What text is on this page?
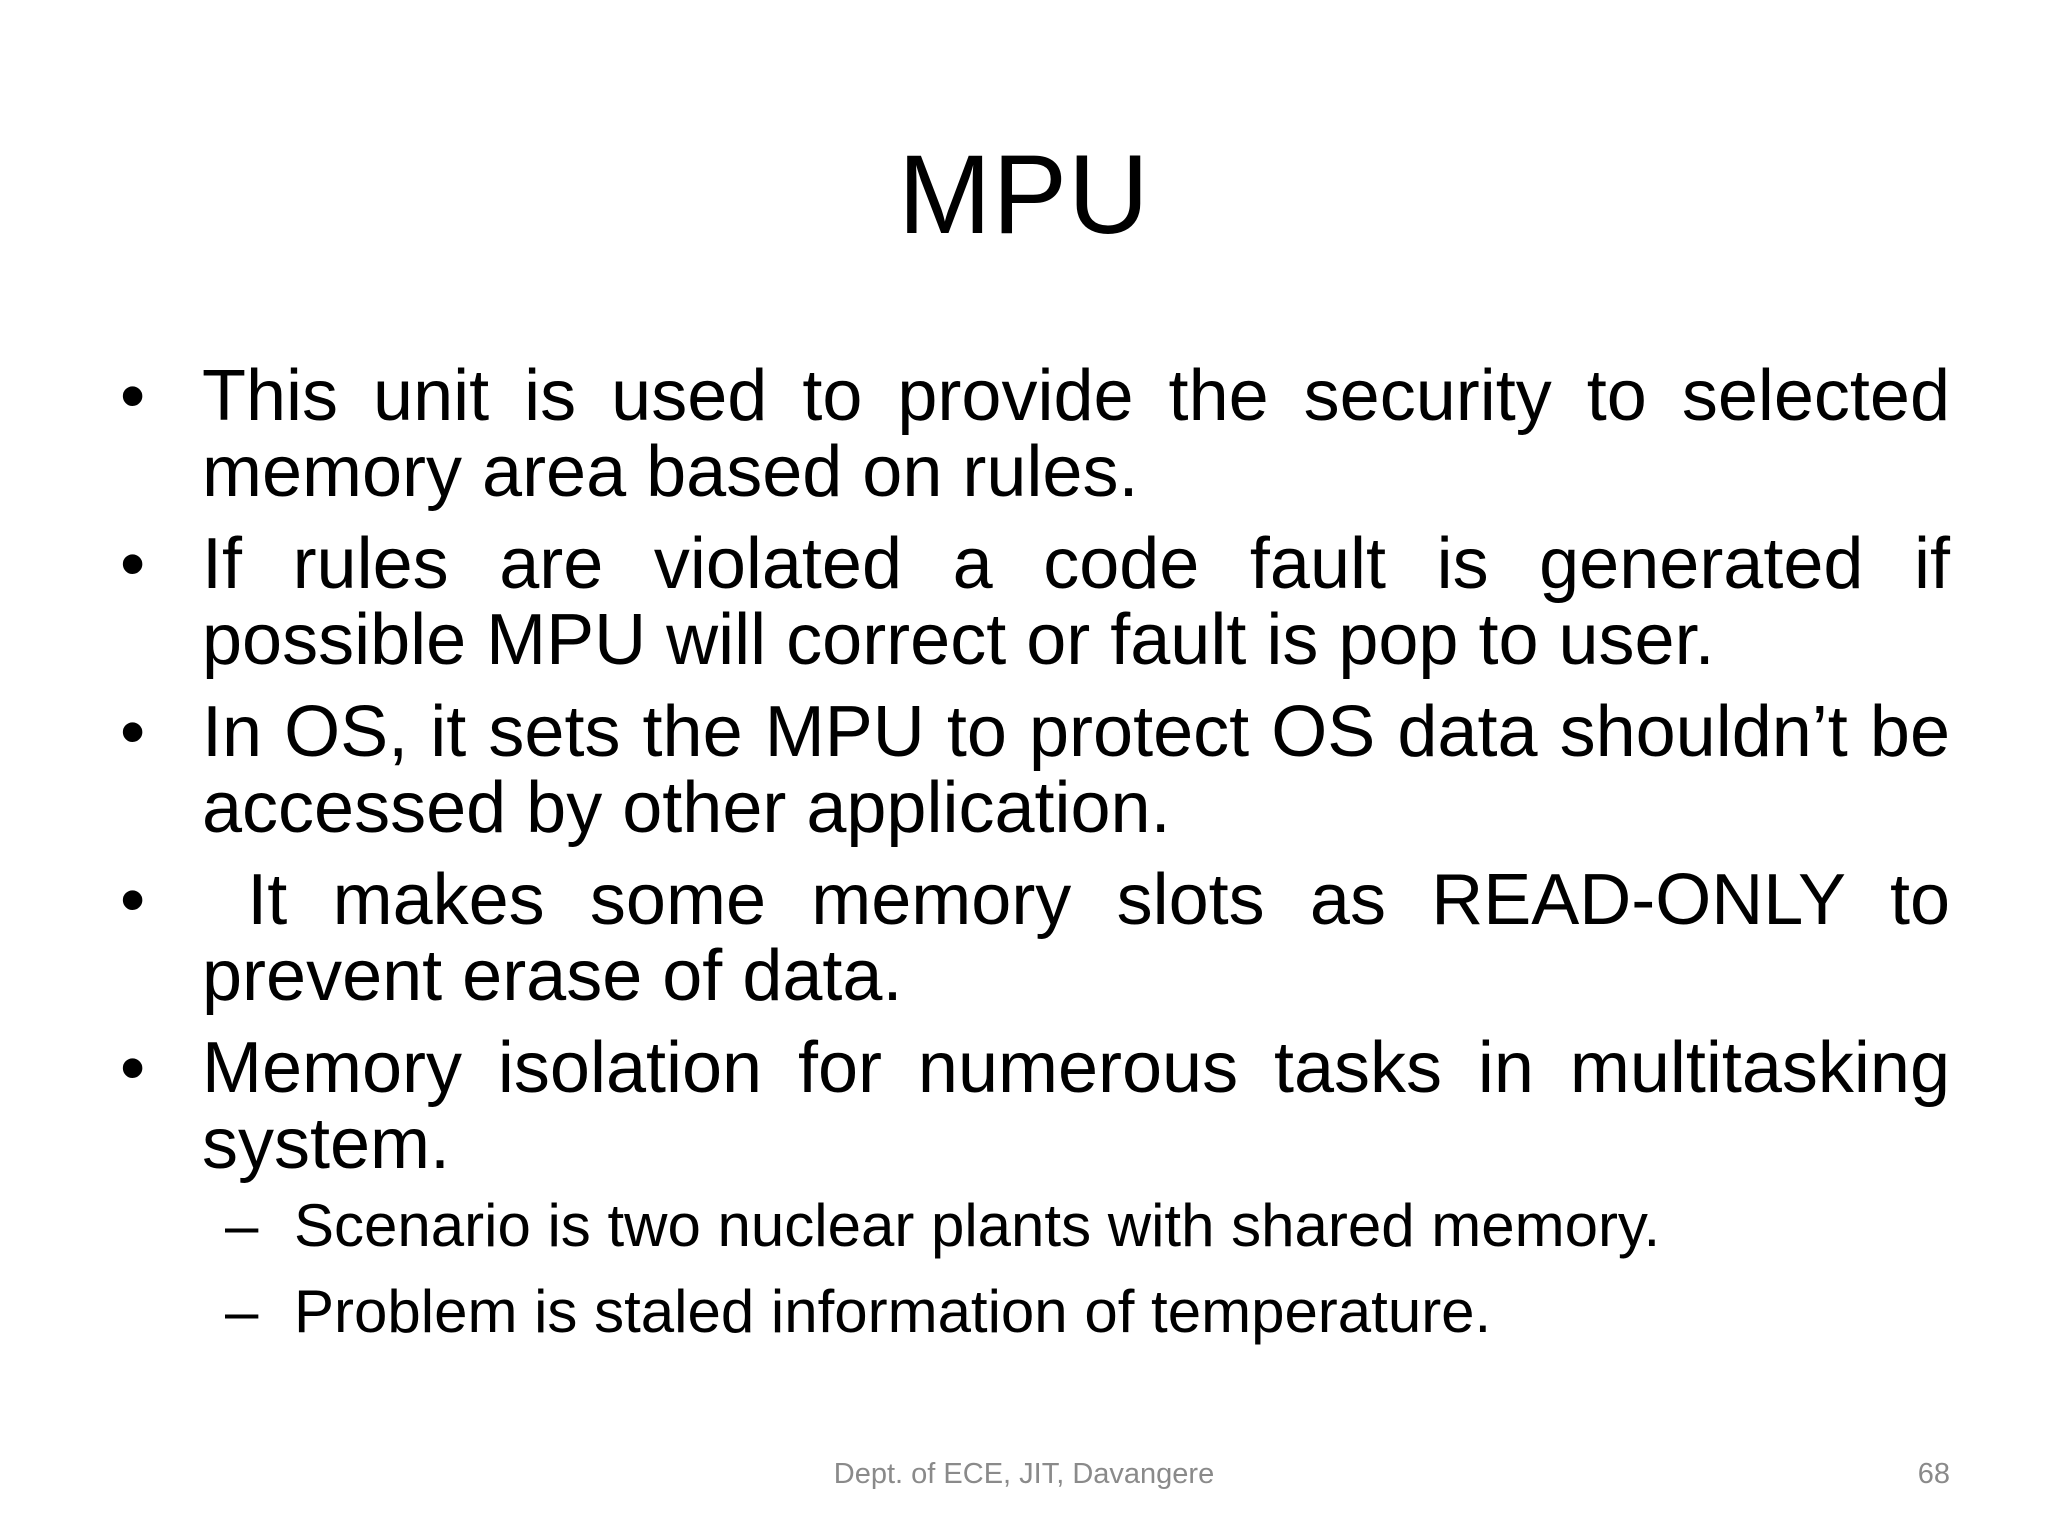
MPU
• This unit is used to provide the security to selected memory area based on rules.
• If rules are violated a code fault is generated if possible MPU will correct or fault is pop to user.
• In OS, it sets the MPU to protect OS data shouldn’t be accessed by other application.
• It makes some memory slots as READ-ONLY to prevent erase of data.
• Memory isolation for numerous tasks in multitasking system.
– Scenario is two nuclear plants with shared memory.
– Problem is staled information of temperature.
Dept. of ECE, JIT, Davangere	68
